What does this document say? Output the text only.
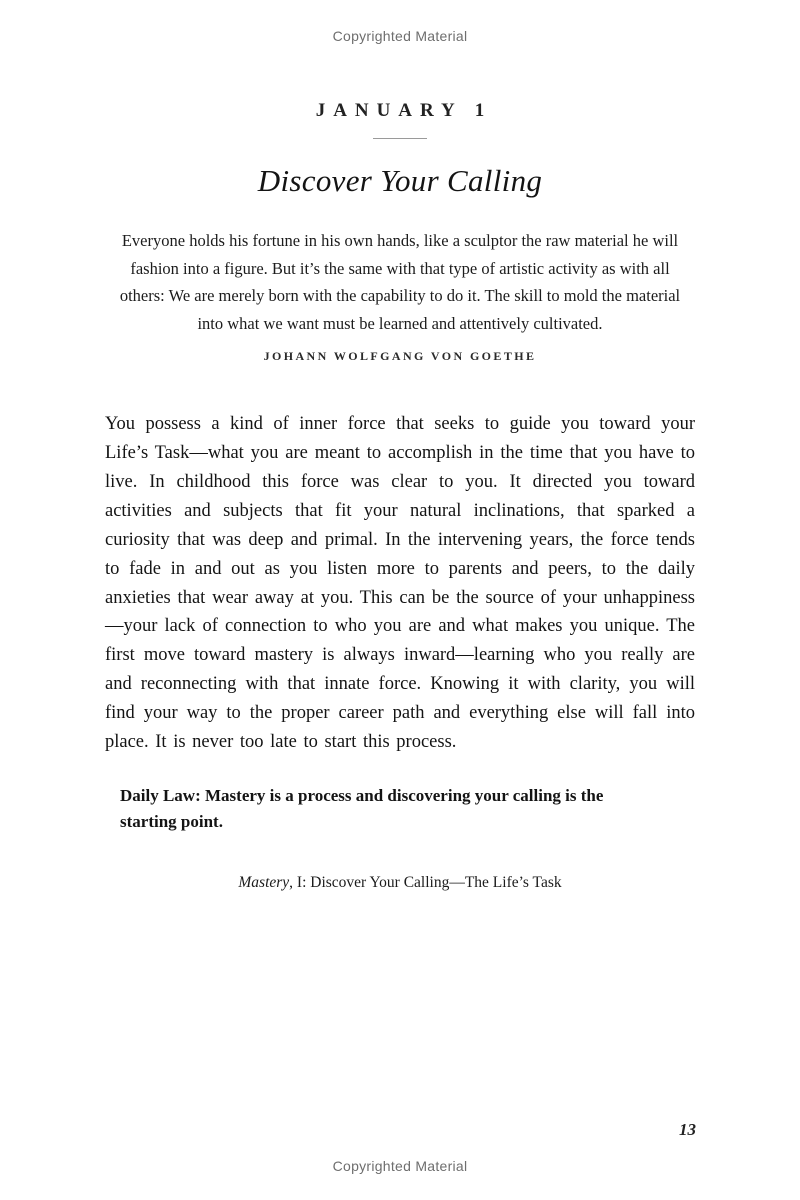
Copyrighted Material
JANUARY 1
Discover Your Calling
Everyone holds his fortune in his own hands, like a sculptor the raw material he will fashion into a figure. But it’s the same with that type of artistic activity as with all others: We are merely born with the capability to do it. The skill to mold the material into what we want must be learned and attentively cultivated.
JOHANN WOLFGANG VON GOETHE

You possess a kind of inner force that seeks to guide you toward your Life’s Task—what you are meant to accomplish in the time that you have to live. In childhood this force was clear to you. It directed you toward activities and subjects that fit your natural inclinations, that sparked a curiosity that was deep and primal. In the intervening years, the force tends to fade in and out as you listen more to parents and peers, to the daily anxieties that wear away at you. This can be the source of your unhappiness—your lack of connection to who you are and what makes you unique. The first move toward mastery is always inward—learning who you really are and reconnecting with that innate force. Knowing it with clarity, you will find your way to the proper career path and everything else will fall into place. It is never too late to start this process.

Daily Law: Mastery is a process and discovering your calling is the starting point.

Mastery, I: Discover Your Calling—The Life’s Task
13
Copyrighted Material
